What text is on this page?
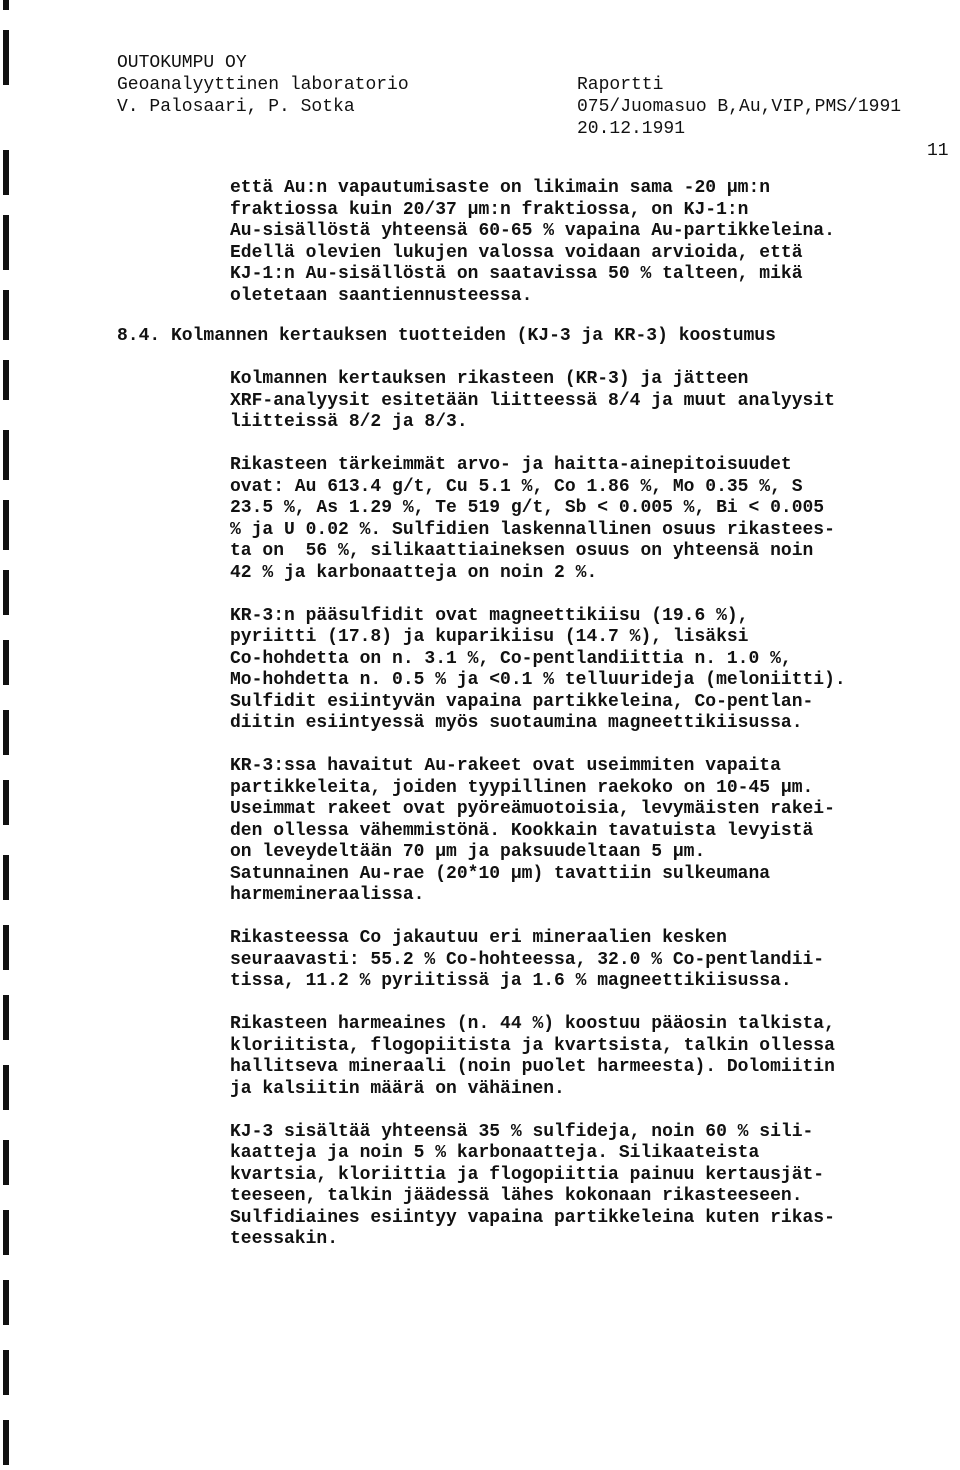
OUTOKUMPU OY

Raportti

Geoanalyyttinen laboratorio

075/Juomasuo B,Au,VIP,PMS/1991

V. Palosaari, P. Sotka

20.12.1991

11

että Au:n vapautumisaste on likimain sama -20 μm:n
fraktiossa kuin 20/37 μm:n fraktiossa, on KJ-1:n
Au-sisällöstä yhteensä 60-65 % vapaina Au-partikkeleina.
Edellä olevien lukujen valossa voidaan arvioida, että
KJ-1:n Au-sisällöstä on saatavissa 50 % talteen, mikä
oletetaan saantiennusteessa.

8.4. Kolmannen kertauksen tuotteiden (KJ-3 ja KR-3) koostumus

Kolmannen kertauksen rikasteen (KR-3) ja jätteen
XRF-analyysit esitetään liitteessä 8/4 ja muut analyysit
liitteissä 8/2 ja 8/3.

Rikasteen tärkeimmät arvo- ja haitta-ainepitoisuudet
ovat: Au 613.4 g/t, Cu 5.1 %, Co 1.86 %, Mo 0.35 %, S
23.5 %, As 1.29 %, Te 519 g/t, Sb < 0.005 %, Bi < 0.005
% ja U 0.02 %. Sulfidien laskennallinen osuus rikastees-
ta on  56 %, silikaattiaineksen osuus on yhteensä noin
42 % ja karbonaatteja on noin 2 %.

KR-3:n pääsulfidit ovat magneettikiisu (19.6 %),
pyriitti (17.8) ja kuparikiisu (14.7 %), lisäksi
Co-hohdetta on n. 3.1 %, Co-pentlandiittia n. 1.0 %,
Mo-hohdetta n. 0.5 % ja <0.1 % telluurideja (meloniitti).
Sulfidit esiintyvän vapaina partikkeleina, Co-pentlan-
diitin esiintyessä myös suotaumina magneettikiisussa.

KR-3:ssa havaitut Au-rakeet ovat useimmiten vapaita
partikkeleita, joiden tyypillinen raekoko on 10-45 μm.
Useimmat rakeet ovat pyöreämuotoisia, levymäisten rakei-
den ollessa vähemmistönä. Kookkain tavatuista levyistä
on leveydeltään 70 μm ja paksuudeltaan 5 μm.
Satunnainen Au-rae (20*10 μm) tavattiin sulkeumana
harmemineraalissa.

Rikasteessa Co jakautuu eri mineraalien kesken
seuraavasti: 55.2 % Co-hohteessa, 32.0 % Co-pentlandii-
tissa, 11.2 % pyriitissä ja 1.6 % magneettikiisussa.

Rikasteen harmeaines (n. 44 %) koostuu pääosin talkista,
kloriitista, flogopiitista ja kvartsista, talkin ollessa
hallitseva mineraali (noin puolet harmeesta). Dolomiitin
ja kalsiitin määrä on vähäinen.

KJ-3 sisältää yhteensä 35 % sulfideja, noin 60 % sili-
kaatteja ja noin 5 % karbonaatteja. Silikaateista
kvartsia, kloriittia ja flogopiittia painuu kertausjät-
teeseen, talkin jäädessä lähes kokonaan rikasteeseen.
Sulfidiaines esiintyy vapaina partikkeleina kuten rikas-
teessakin.
